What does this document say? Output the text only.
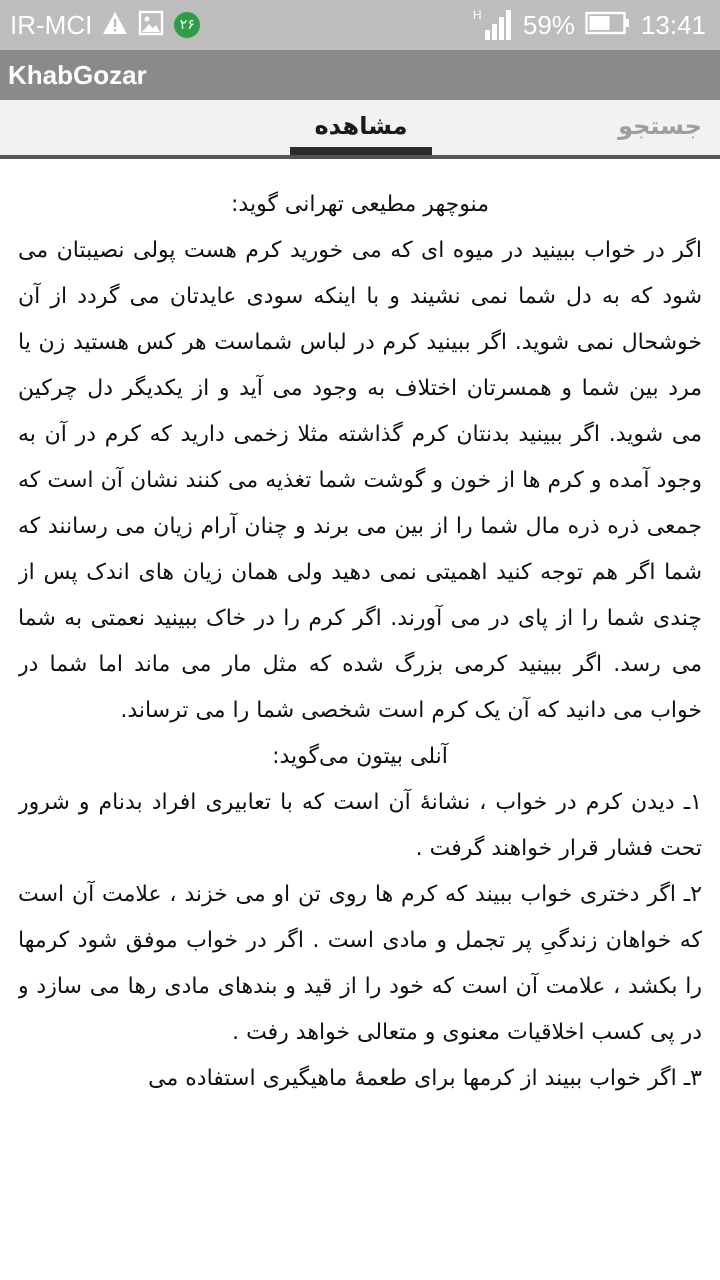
IR-MCI	۲۶
H 59%	13:41
KhabGozar
جستجو
مشاهده

منوچهر مطیعی تهرانی گوید:

اگر در خواب ببینید در میوه ای که می خورید کرم هست پولی نصیبتان می شود که به دل شما نمی نشیند و با اینکه سودی عایدتان می گردد از آن خوشحال نمی شوید. اگر ببینید کرم در لباس شماست هر کس هستید زن یا مرد بین شما و همسرتان اختلاف به وجود می آید و از یکدیگر دل چرکین می شوید. اگر ببینید بدنتان کرم گذاشته مثلا زخمی دارید که کرم در آن به وجود آمده و کرم ها از خون و گوشت شما تغذیه می کنند نشان آن است که جمعی ذره ذره مال شما را از بین می برند و چنان آرام زیان می رسانند که شما اگر هم توجه کنید اهمیتی نمی دهید ولی همان زیان های اندک پس از چندی شما را از پای در می آورند. اگر کرم را در خاک ببینید نعمتی به شما می رسد. اگر ببینید کرمی بزرگ شده که مثل مار می ماند اما شما در خواب می دانید که آن یک کرم است شخصی شما را می ترساند.

آنلی بیتون می‌گوید:

۱ـ دیدن کرم در خواب ، نشانهٔ آن است که با تعابیری افراد بدنام و شرور تحت فشار قرار خواهند گرفت .

۲ـ اگر دختری خواب ببیند که کرم ها روی تن او می خزند ، علامت آن است که خواهان زندگیِ پر تجمل و مادی است . اگر در خواب موفق شود کرمها را بکشد ، علامت آن است که خود را از قید و بندهای مادی رها می سازد و در پی کسب اخلاقیات معنوی و متعالی خواهد رفت .

۳ـ اگر خواب ببیند از کرمها برای طعمهٔ ماهیگیری استفاده می
